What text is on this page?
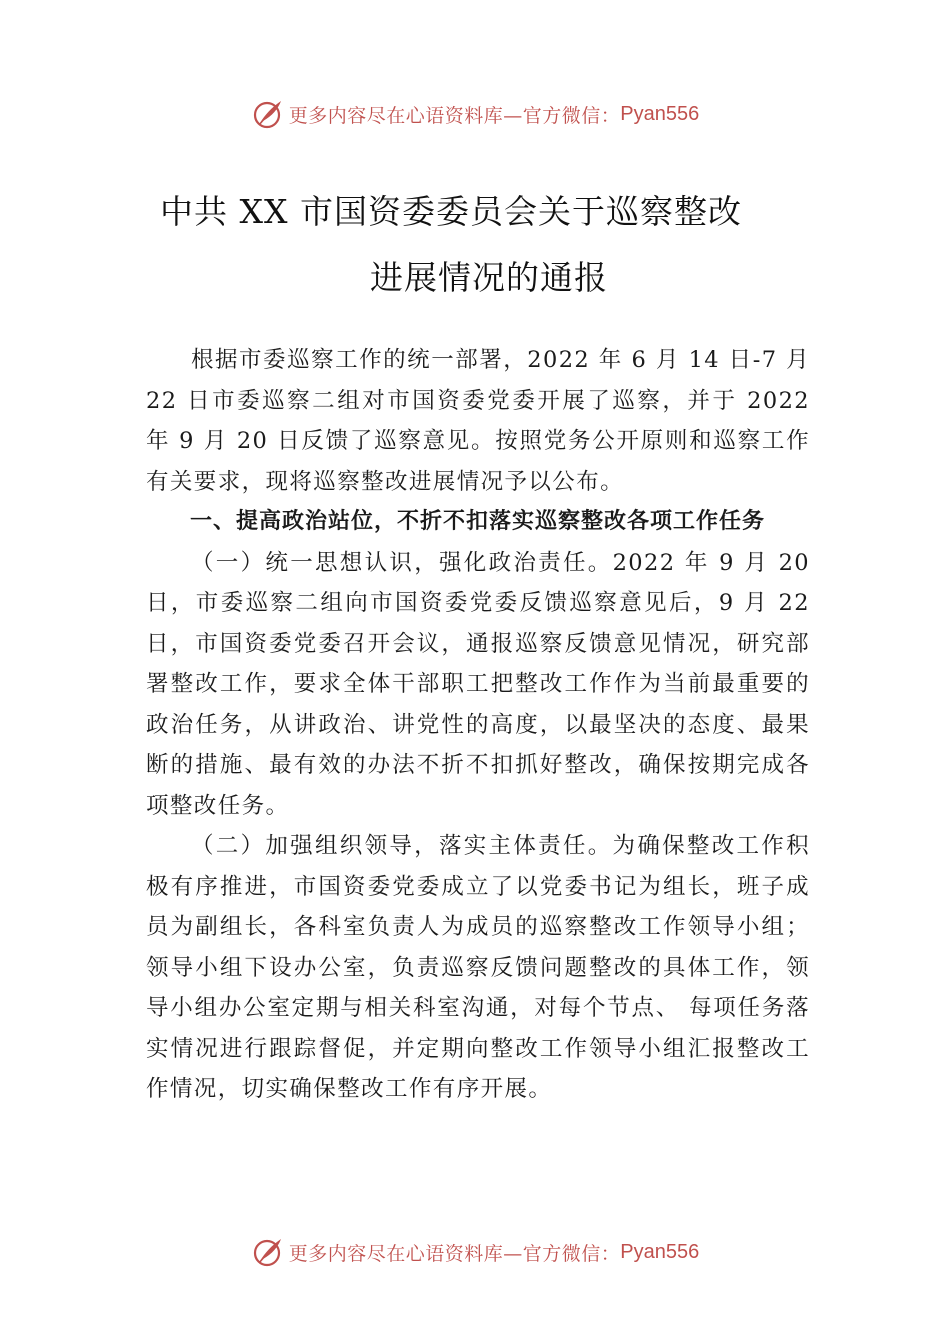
更多内容尽在心语资料库—官方微信： Pyan556
中共 XX 市国资委委员会关于巡察整改
进展情况的通报

根据市委巡察工作的统一部署，2022 年 6 月 14 日-7 月 22 日市委巡察二组对市国资委党委开展了巡察，并于 2022 年 9 月 20 日反馈了巡察意见。按照党务公开原则和巡察工作有关要求，现将巡察整改进展情况予以公布。

一、提高政治站位，不折不扣落实巡察整改各项工作任务

（一）统一思想认识，强化政治责任。2022 年 9 月 20 日，市委巡察二组向市国资委党委反馈巡察意见后，9 月 22 日，市国资委党委召开会议，通报巡察反馈意见情况，研究部署整改工作，要求全体干部职工把整改工作作为当前最重要的政治任务，从讲政治、讲党性的高度，以最坚决的态度、最果断的措施、最有效的办法不折不扣抓好整改，确保按期完成各项整改任务。

（二）加强组织领导，落实主体责任。为确保整改工作积极有序推进，市国资委党委成立了以党委书记为组长，班子成员为副组长，各科室负责人为成员的巡察整改工作领导小组；领导小组下设办公室，负责巡察反馈问题整改的具体工作，领导小组办公室定期与相关科室沟通，对每个节点、 每项任务落实情况进行跟踪督促，并定期向整改工作领导小组汇报整改工作情况，切实确保整改工作有序开展。

更多内容尽在心语资料库—官方微信： Pyan556
